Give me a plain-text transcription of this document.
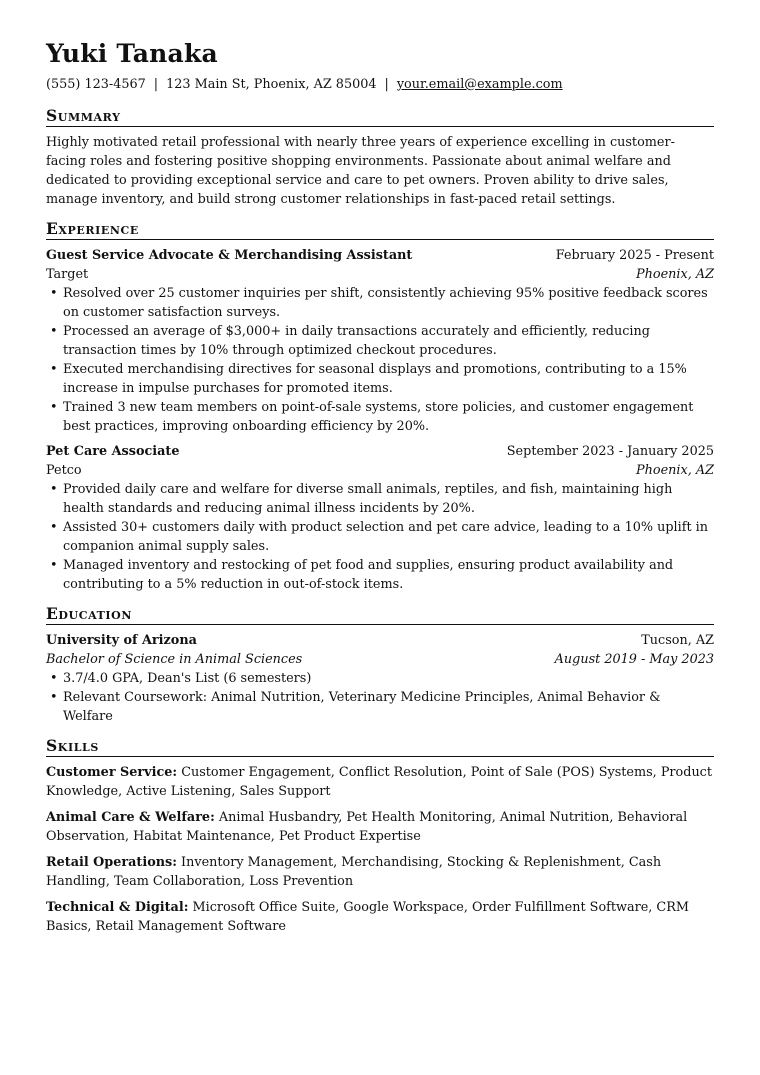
Yuki Tanaka
(555) 123-4567 | 123 Main St, Phoenix, AZ 85004 | your.email@example.com
Summary

Highly motivated retail professional with nearly three years of experience excelling in customer-facing roles and fostering positive shopping environments. Passionate about animal welfare and dedicated to providing exceptional service and care to pet owners. Proven ability to drive sales, manage inventory, and build strong customer relationships in fast-paced retail settings.

Experience
Guest Service Advocate & Merchandising Assistant	February 2025 - Present
Target	Phoenix, AZ
• Resolved over 25 customer inquiries per shift, consistently achieving 95% positive feedback scores on customer satisfaction surveys.
• Processed an average of $3,000+ in daily transactions accurately and efficiently, reducing transaction times by 10% through optimized checkout procedures.
• Executed merchandising directives for seasonal displays and promotions, contributing to a 15% increase in impulse purchases for promoted items.
• Trained 3 new team members on point-of-sale systems, store policies, and customer engagement best practices, improving onboarding efficiency by 20%.
Pet Care Associate	September 2023 - January 2025
Petco	Phoenix, AZ
• Provided daily care and welfare for diverse small animals, reptiles, and fish, maintaining high health standards and reducing animal illness incidents by 20%.
• Assisted 30+ customers daily with product selection and pet care advice, leading to a 10% uplift in companion animal supply sales.
• Managed inventory and restocking of pet food and supplies, ensuring product availability and contributing to a 5% reduction in out-of-stock items.
Education
University of Arizona	Tucson, AZ
Bachelor of Science in Animal Sciences	August 2019 - May 2023
• 3.7/4.0 GPA, Dean's List (6 semesters)
• Relevant Coursework: Animal Nutrition, Veterinary Medicine Principles, Animal Behavior & Welfare
Skills
Customer Service: Customer Engagement, Conflict Resolution, Point of Sale (POS) Systems, Product Knowledge, Active Listening, Sales Support
Animal Care & Welfare: Animal Husbandry, Pet Health Monitoring, Animal Nutrition, Behavioral Observation, Habitat Maintenance, Pet Product Expertise
Retail Operations: Inventory Management, Merchandising, Stocking & Replenishment, Cash Handling, Team Collaboration, Loss Prevention
Technical & Digital: Microsoft Office Suite, Google Workspace, Order Fulfillment Software, CRM Basics, Retail Management Software
